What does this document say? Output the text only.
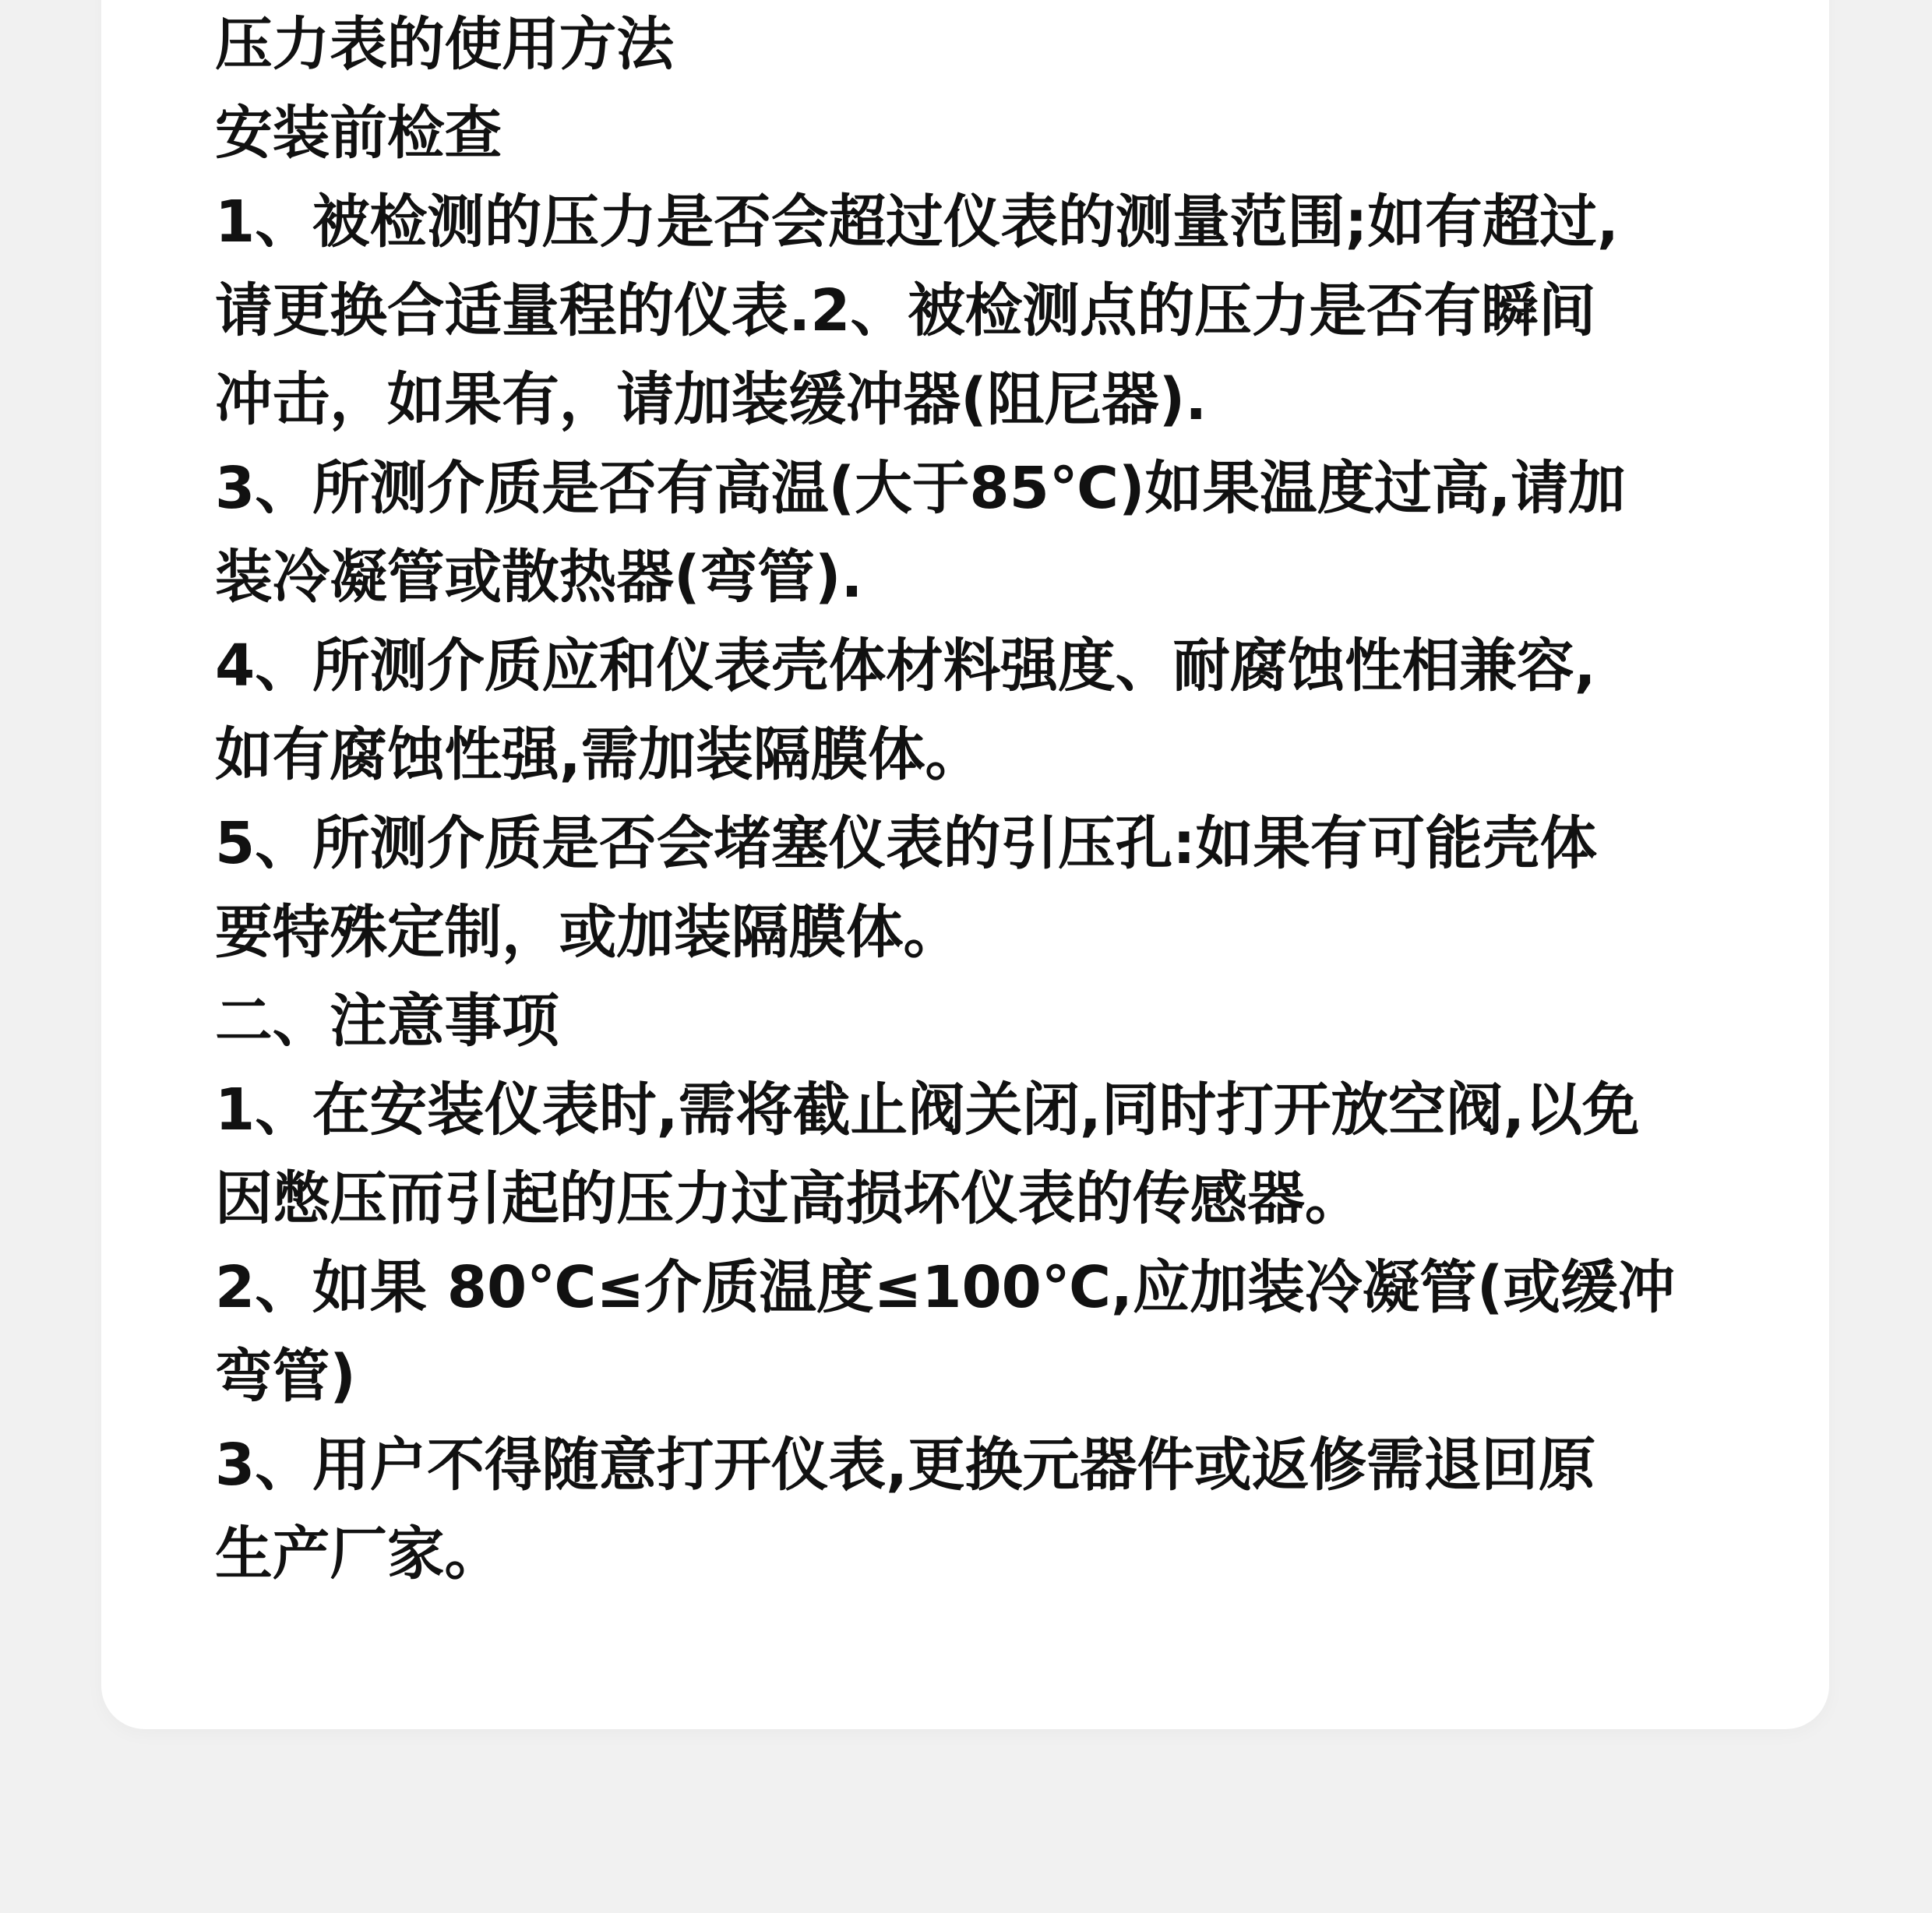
压力表的使用方法
安装前检查
1、被检测的压力是否会超过仪表的测量范围;如有超过,
请更换合适量程的仪表.2、被检测点的压力是否有瞬间
冲击，如果有，请加装缓冲器(阻尼器).
3、所测介质是否有高温(大于85℃)如果温度过高,请加
装冷凝管或散热器(弯管).
4、所测介质应和仪表壳体材料强度、耐腐蚀性相兼容,
如有腐蚀性强,需加装隔膜体。
5、所测介质是否会堵塞仪表的引压孔:如果有可能壳体
要特殊定制，或加装隔膜体。
二、注意事项
1、在安装仪表时,需将截止阀关闭,同时打开放空阀,以免
因憋压而引起的压力过高损坏仪表的传感器。
2、如果 80℃≤介质温度≤100℃,应加装冷凝管(或缓冲
弯管)
3、用户不得随意打开仪表,更换元器件或返修需退回原
生产厂家。
